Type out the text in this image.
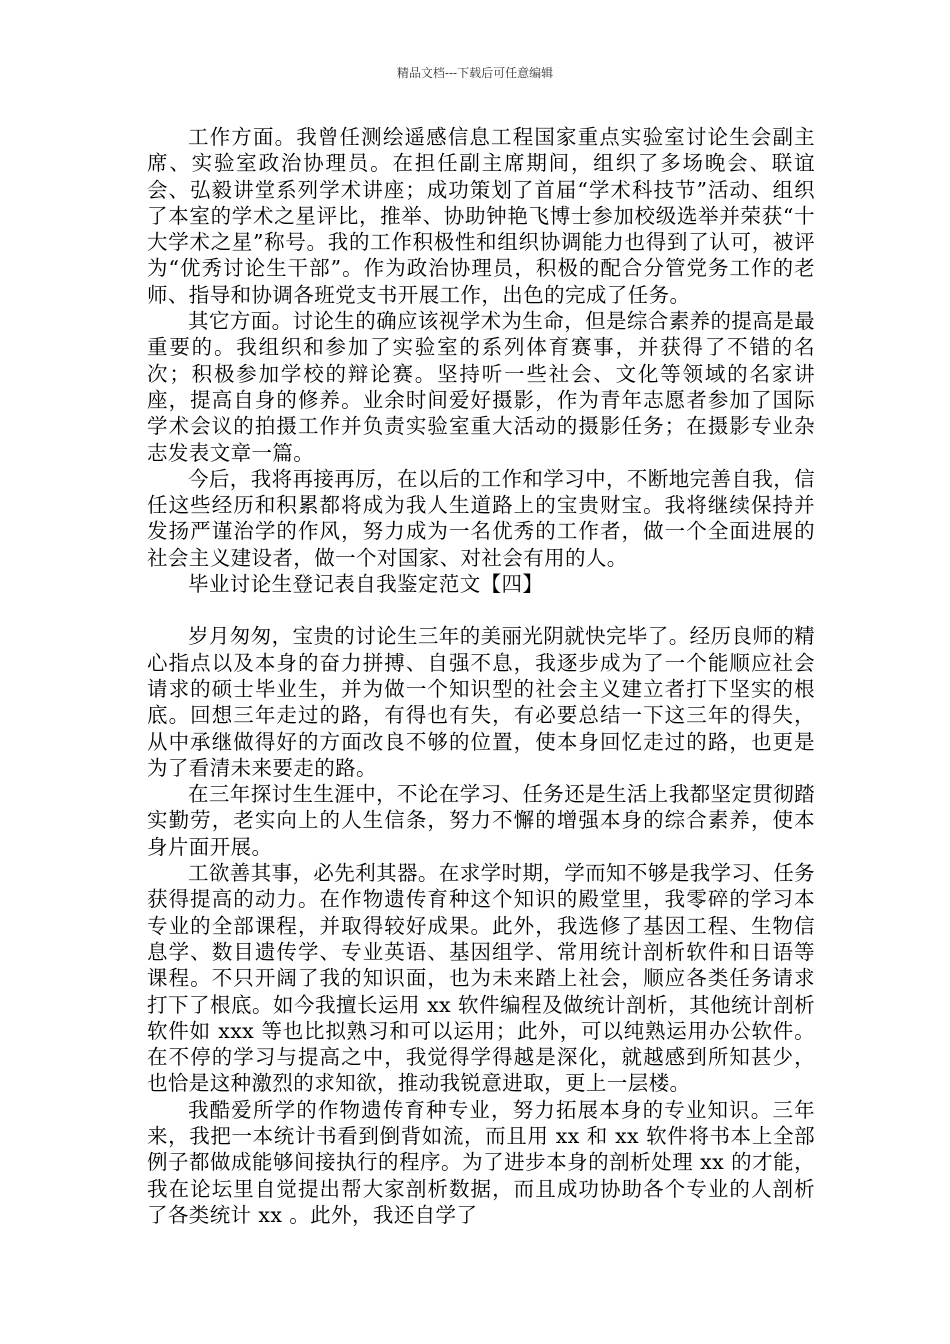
精品文档---下载后可任意编辑

工作方面。我曾任测绘遥感信息工程国家重点实验室讨论生会副主席、实验室政治协理员。在担任副主席期间，组织了多场晚会、联谊会、弘毅讲堂系列学术讲座；成功策划了首届“学术科技节”活动、组织了本室的学术之星评比，推举、协助钟艳飞博士参加校级选举并荣获“十大学术之星”称号。我的工作积极性和组织协调能力也得到了认可，被评为“优秀讨论生干部”。作为政治协理员，积极的配合分管党务工作的老师、指导和协调各班党支书开展工作，出色的完成了任务。

其它方面。讨论生的确应该视学术为生命，但是综合素养的提高是最重要的。我组织和参加了实验室的系列体育赛事，并获得了不错的名次；积极参加学校的辩论赛。坚持听一些社会、文化等领域的名家讲座，提高自身的修养。业余时间爱好摄影，作为青年志愿者参加了国际学术会议的拍摄工作并负责实验室重大活动的摄影任务；在摄影专业杂志发表文章一篇。

今后，我将再接再厉，在以后的工作和学习中，不断地完善自我，信任这些经历和积累都将成为我人生道路上的宝贵财宝。我将继续保持并发扬严谨治学的作风，努力成为一名优秀的工作者，做一个全面进展的社会主义建设者，做一个对国家、对社会有用的人。

毕业讨论生登记表自我鉴定范文【四】

岁月匆匆，宝贵的讨论生三年的美丽光阴就快完毕了。经历良师的精心指点以及本身的奋力拼搏、自强不息，我逐步成为了一个能顺应社会请求的硕士毕业生，并为做一个知识型的社会主义建立者打下坚实的根底。回想三年走过的路，有得也有失，有必要总结一下这三年的得失，从中承继做得好的方面改良不够的位置，使本身回忆走过的路，也更是为了看清未来要走的路。

在三年探讨生生涯中，不论在学习、任务还是生活上我都坚定贯彻踏实勤劳，老实向上的人生信条，努力不懈的增强本身的综合素养，使本身片面开展。

工欲善其事，必先利其器。在求学时期，学而知不够是我学习、任务获得提高的动力。在作物遗传育种这个知识的殿堂里，我零碎的学习本专业的全部课程，并取得较好成果。此外，我选修了基因工程、生物信息学、数目遗传学、专业英语、基因组学、常用统计剖析软件和日语等课程。不只开阔了我的知识面，也为未来踏上社会，顺应各类任务请求打下了根底。如今我擅长运用 xx 软件编程及做统计剖析，其他统计剖析软件如 xxx 等也比拟熟习和可以运用；此外，可以纯熟运用办公软件。在不停的学习与提高之中，我觉得学得越是深化，就越感到所知甚少，也恰是这种激烈的求知欲，推动我锐意进取，更上一层楼。

我酷爱所学的作物遗传育种专业，努力拓展本身的专业知识。三年来，我把一本统计书看到倒背如流，而且用 xx 和 xx 软件将书本上全部例子都做成能够间接执行的程序。为了进步本身的剖析处理 xx 的才能，我在论坛里自觉提出帮大家剖析数据，而且成功协助各个专业的人剖析了各类统计 xx 。此外，我还自学了
